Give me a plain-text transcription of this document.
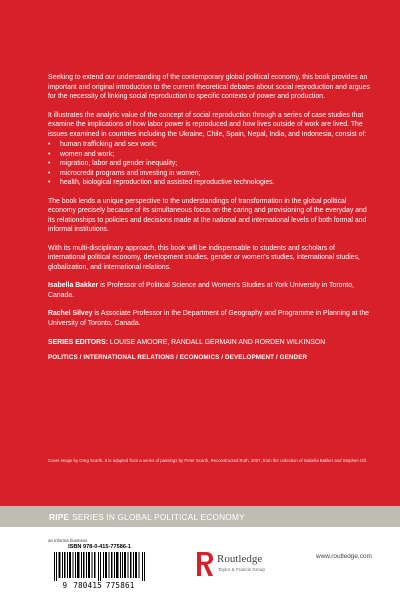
Seeking to extend our understanding of the contemporary global political economy, this book provides an important and original introduction to the current theoretical debates about social reproduction and argues for the necessity of linking social reproduction to specific contexts of power and production.

It illustrates the analytic value of the concept of social reproduction through a series of case studies that examine the implications of how labor power is reproduced and how lives outside of work are lived. The issues examined in countries including the Ukraine, Chile, Spain, Nepal, India, and Indonesia, consist of:

• human trafficking and sex work;
• women and work;
• migration, labor and gender inequality;
• microcredit programs and investing in women;
• health, biological reproduction and assisted reproductive technologies.

The book lends a unique perspective to the understandings of transformation in the global political economy precisely because of its simultaneous focus on the caring and provisioning of the everyday and its relationships to policies and decisions made at the national and international levels of both formal and informal institutions.

With its multi-disciplinary approach, this book will be indispensable to students and scholars of international political economy, development studies, gender or women's studies, international studies, globalization, and international relations.

Isabella Bakker is Professor of Political Science and Women's Studies at York University in Toronto, Canada.

Rachel Silvey is Associate Professor in the Department of Geography and Programme in Planning at the University of Toronto, Canada.

SERIES EDITORS: LOUISE AMOORE, RANDALL GERMAIN AND RORDEN WILKINSON

POLITICS / INTERNATIONAL RELATIONS / ECONOMICS / DEVELOPMENT / GENDER

Cover image by Greg Scarth. It is adapted from a series of paintings by Peter Scarth, Reconstructed Roth, 2007, from the collection of Isabella Bakker and Stephen Gill.
RIPE SERIES IN GLOBAL POLITICAL ECONOMY
an informa business
ISBN 978-0-415-77586-1
9 780415 775861
Routledge
Taylor & Francis Group
www.routledge.com
